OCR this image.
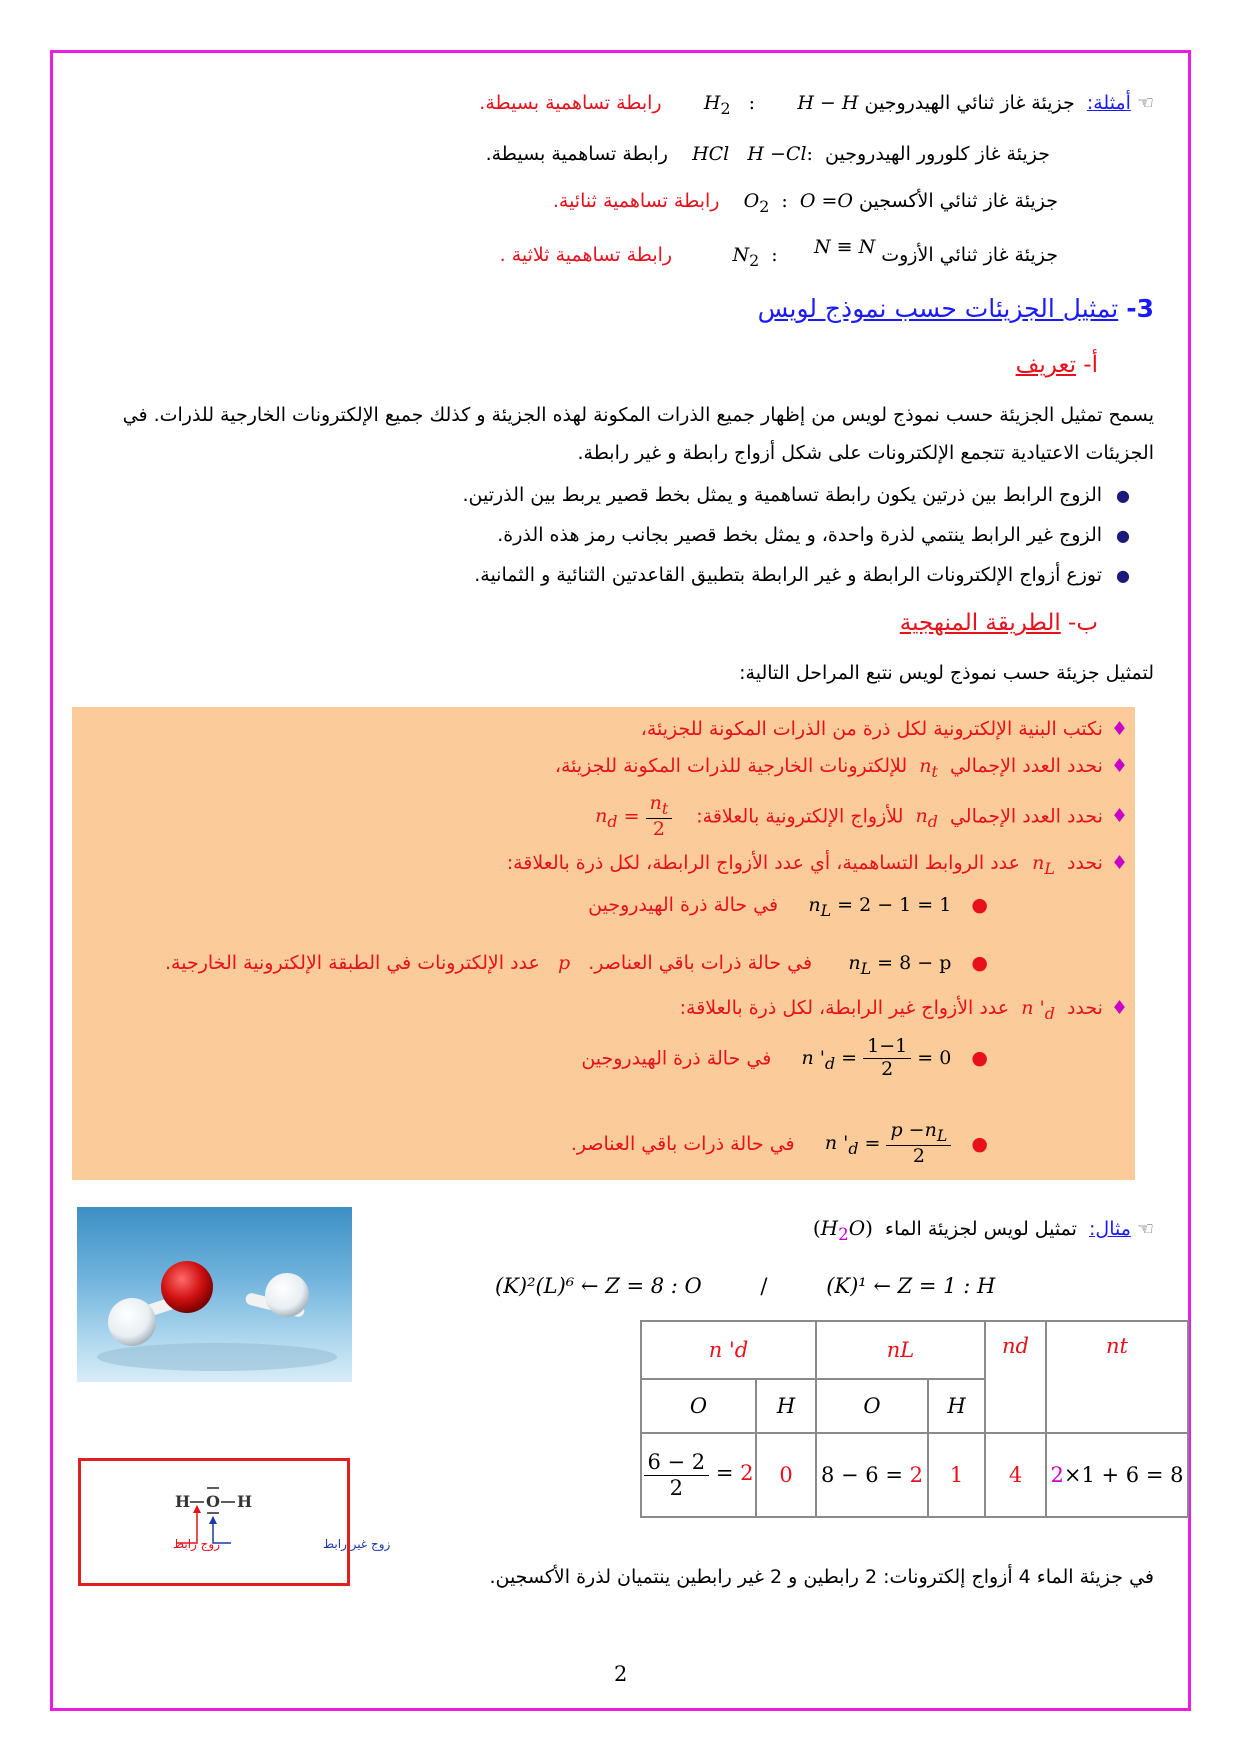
☜ أمثلة:  جزيئة غاز ثنائي الهيدروجين $H_2$  :       H − H       رابطة تساهمية بسيطة.
جزيئة غاز كلورور الهيدروجين  :HCl H −Cl    رابطة تساهمية بسيطة.
جزيئة غاز ثنائي الأكسجين $O_2$  :  O =O    رابطة تساهمية ثنائية.
جزيئة غاز ثنائي الأزوت $N_2$  :      N ≡ N          رابطة تساهمية ثلاثية .
3- تمثيل الجزيئات حسب نموذج لويس
أ- تعريف
يسمح تمثيل الجزيئة حسب نموذج لويس من إظهار جميع الذرات المكونة لهذه الجزيئة و كذلك جميع الإلكترونات الخارجية للذرات. في الجزيئات الاعتيادية تتجمع الإلكترونات على شكل أزواج رابطة و غير رابطة.
●الزوج الرابط بين ذرتين يكون رابطة تساهمية و يمثل بخط قصير يربط بين الذرتين.
●الزوج غير الرابط ينتمي لذرة واحدة، و يمثل بخط قصير بجانب رمز هذه الذرة.
●توزع أزواج الإلكترونات الرابطة و غير الرابطة بتطبيق القاعدتين الثنائية و الثمانية.
ب- الطريقة المنهجية
لتمثيل جزيئة حسب نموذج لويس نتبع المراحل التالية:
♦نكتب البنية الإلكترونية لكل ذرة من الذرات المكونة للجزيئة،
♦نحدد العدد الإجمالي  $n_t$  للإلكترونات الخارجية للذرات المكونة للجزيئة،
♦نحدد العدد الإجمالي  $n_d$  للأزواج الإلكترونية بالعلاقة: $n_d = \frac{n_t}{2}$
♦نحدد  $n_L$  عدد الروابط التساهمية، أي عدد الأزواج الرابطة، لكل ذرة بالعلاقة:
● $n_L = 2 - 1 = 1$     في حالة ذرة الهيدروجين
● $n_L = 8 - p$      في حالة ذرات باقي العناصر.   p   عدد الإلكترونات في الطبقة الإلكترونية الخارجية.
♦نحدد  n '$_d$  عدد الأزواج غير الرابطة، لكل ذرة بالعلاقة:
● n '$_d = \frac{1-1}{2} = 0$     في حالة ذرة الهيدروجين
● n '$_d = \frac{p -n_L}{2}$
في حالة ذرات باقي العناصر.
☜ مثال:  تمثيل لويس لجزيئة الماء  $(H_2O)$
(K)²(L)⁶ ← Z = 8 : O	/	(K)¹ ← Z = 1 : H
n 'd		nL		nd	nt
O	H	O	H		

$\frac{6 - 2}{2} = 2$	0	8 − 6 = 2	1	4	2×1 + 6 = 8
H O H
زوج رابط	زوج غير رابط
في جزيئة الماء 4 أزواج إلكترونات: 2 رابطين و 2 غير رابطين ينتميان لذرة الأكسجين.
2
